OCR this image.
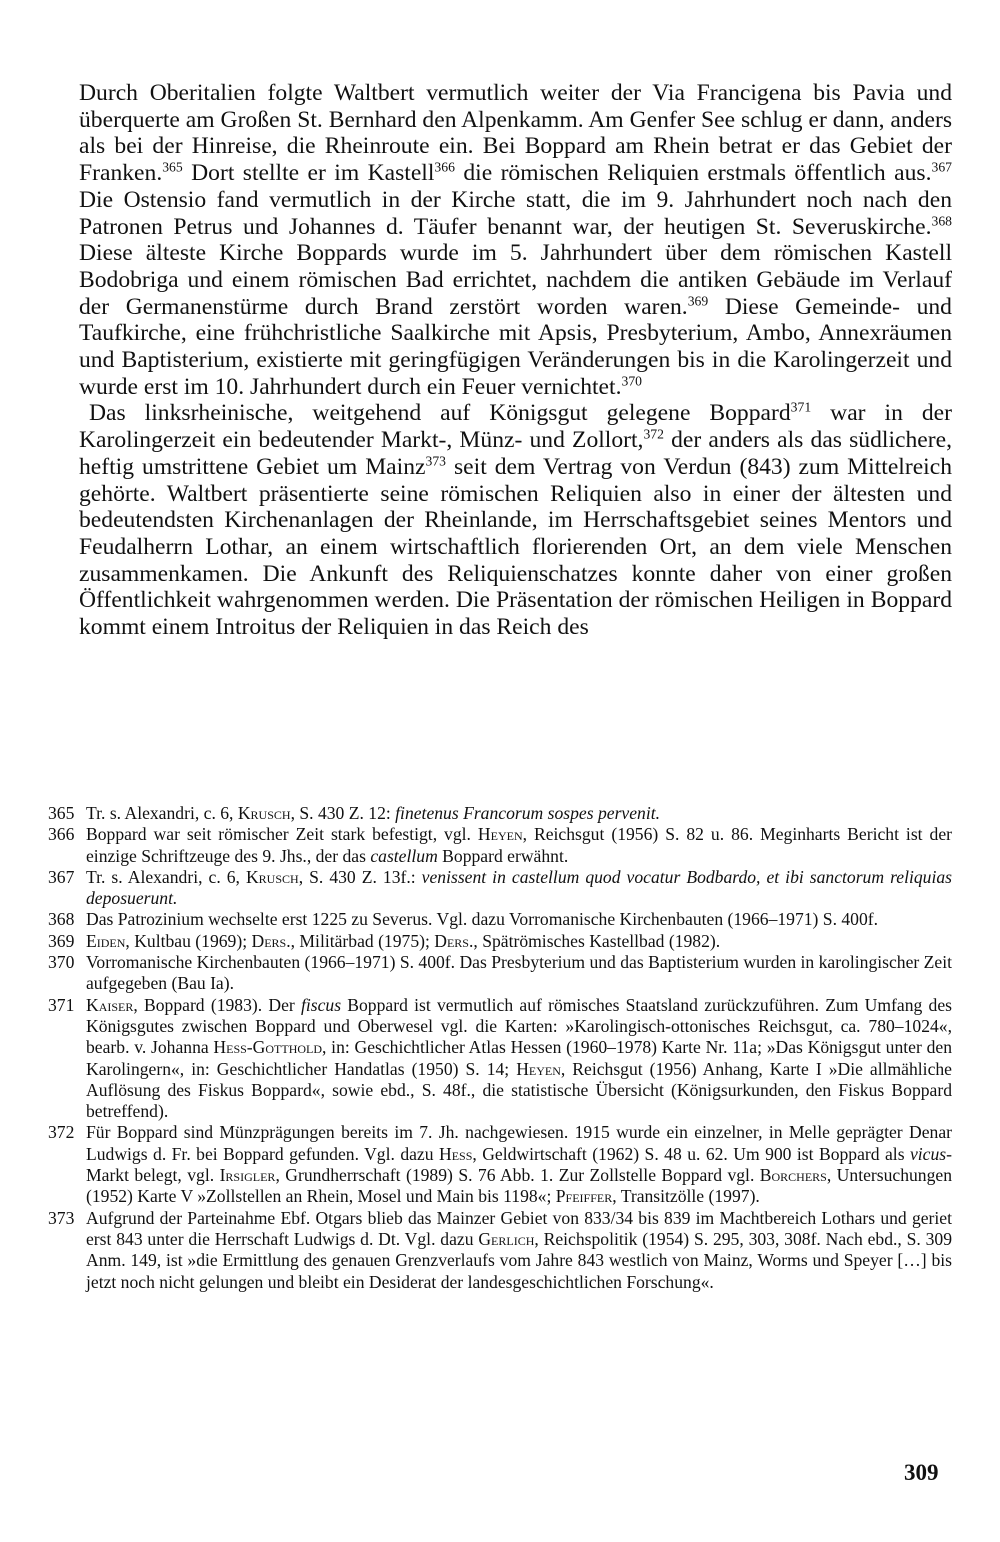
Durch Oberitalien folgte Waltbert vermutlich weiter der Via Francigena bis Pavia und überquerte am Großen St. Bernhard den Alpenkamm. Am Genfer See schlug er dann, anders als bei der Hinreise, die Rheinroute ein. Bei Boppard am Rhein betrat er das Gebiet der Franken.$^{365}$ Dort stellte er im Kastell$^{366}$ die römischen Reliquien erstmals öffentlich aus.$^{367}$ Die Ostensio fand vermutlich in der Kirche statt, die im 9. Jahrhundert noch nach den Patronen Petrus und Johannes d. Täufer benannt war, der heutigen St. Severuskirche.$^{368}$ Diese älteste Kirche Boppards wurde im 5. Jahrhundert über dem römischen Kastell Bodobriga und einem römischen Bad errichtet, nachdem die antiken Gebäude im Verlauf der Germanenstürme durch Brand zerstört worden waren.$^{369}$ Diese Gemeinde- und Taufkirche, eine frühchristliche Saalkirche mit Apsis, Presbyterium, Ambo, Annexräumen und Baptisterium, existierte mit geringfügigen Veränderungen bis in die Karolingerzeit und wurde erst im 10. Jahrhundert durch ein Feuer vernichtet.$^{370}$

Das linksrheinische, weitgehend auf Königsgut gelegene Boppard$^{371}$ war in der Karolingerzeit ein bedeutender Markt-, Münz- und Zollort,$^{372}$ der anders als das südlichere, heftig umstrittene Gebiet um Mainz$^{373}$ seit dem Vertrag von Verdun (843) zum Mittelreich gehörte. Waltbert präsentierte seine römischen Reliquien also in einer der ältesten und bedeutendsten Kirchenanlagen der Rheinlande, im Herrschaftsgebiet seines Mentors und Feudalherrn Lothar, an einem wirtschaftlich florierenden Ort, an dem viele Menschen zusammenkamen. Die Ankunft des Reliquienschatzes konnte daher von einer großen Öffentlichkeit wahrgenommen werden. Die Präsentation der römischen Heiligen in Boppard kommt einem Introitus der Reliquien in das Reich des

365 Tr. s. Alexandri, c. 6, Krusch, S. 430 Z. 12: finetenus Francorum sospes pervenit.
366 Boppard war seit römischer Zeit stark befestigt, vgl. Heyen, Reichsgut (1956) S. 82 u. 86. Meginharts Bericht ist der einzige Schriftzeuge des 9. Jhs., der das castellum Boppard erwähnt.
367 Tr. s. Alexandri, c. 6, Krusch, S. 430 Z. 13f.: venissent in castellum quod vocatur Bodbardo, et ibi sanctorum reliquias deposuerunt.
368 Das Patrozinium wechselte erst 1225 zu Severus. Vgl. dazu Vorromanische Kirchenbauten (1966–1971) S. 400f.
369 Eiden, Kultbau (1969); Ders., Militärbad (1975); Ders., Spätrömisches Kastellbad (1982).
370 Vorromanische Kirchenbauten (1966–1971) S. 400f. Das Presbyterium und das Baptisterium wurden in karolingischer Zeit aufgegeben (Bau Ia).
371 Kaiser, Boppard (1983). Der fiscus Boppard ist vermutlich auf römisches Staatsland zurückzuführen. Zum Umfang des Königsgutes zwischen Boppard und Oberwesel vgl. die Karten: »Karolingisch-ottonisches Reichsgut, ca. 780–1024«, bearb. v. Johanna Hess-Gotthold, in: Geschichtlicher Atlas Hessen (1960–1978) Karte Nr. 11a; »Das Königsgut unter den Karolingern«, in: Geschichtlicher Handatlas (1950) S. 14; Heyen, Reichsgut (1956) Anhang, Karte I »Die allmähliche Auflösung des Fiskus Boppard«, sowie ebd., S. 48f., die statistische Übersicht (Königsurkunden, den Fiskus Boppard betreffend).
372 Für Boppard sind Münzprägungen bereits im 7. Jh. nachgewiesen. 1915 wurde ein einzelner, in Melle geprägter Denar Ludwigs d. Fr. bei Boppard gefunden. Vgl. dazu Hess, Geldwirtschaft (1962) S. 48 u. 62. Um 900 ist Boppard als vicus-Markt belegt, vgl. Irsigler, Grundherrschaft (1989) S. 76 Abb. 1. Zur Zollstelle Boppard vgl. Borchers, Untersuchungen (1952) Karte V »Zollstellen an Rhein, Mosel und Main bis 1198«; Pfeiffer, Transitzölle (1997).
373 Aufgrund der Parteinahme Ebf. Otgars blieb das Mainzer Gebiet von 833/34 bis 839 im Machtbereich Lothars und geriet erst 843 unter die Herrschaft Ludwigs d. Dt. Vgl. dazu Gerlich, Reichspolitik (1954) S. 295, 303, 308f. Nach ebd., S. 309 Anm. 149, ist »die Ermittlung des genauen Grenzverlaufs vom Jahre 843 westlich von Mainz, Worms und Speyer […] bis jetzt noch nicht gelungen und bleibt ein Desiderat der landesgeschichtlichen Forschung«.
309
